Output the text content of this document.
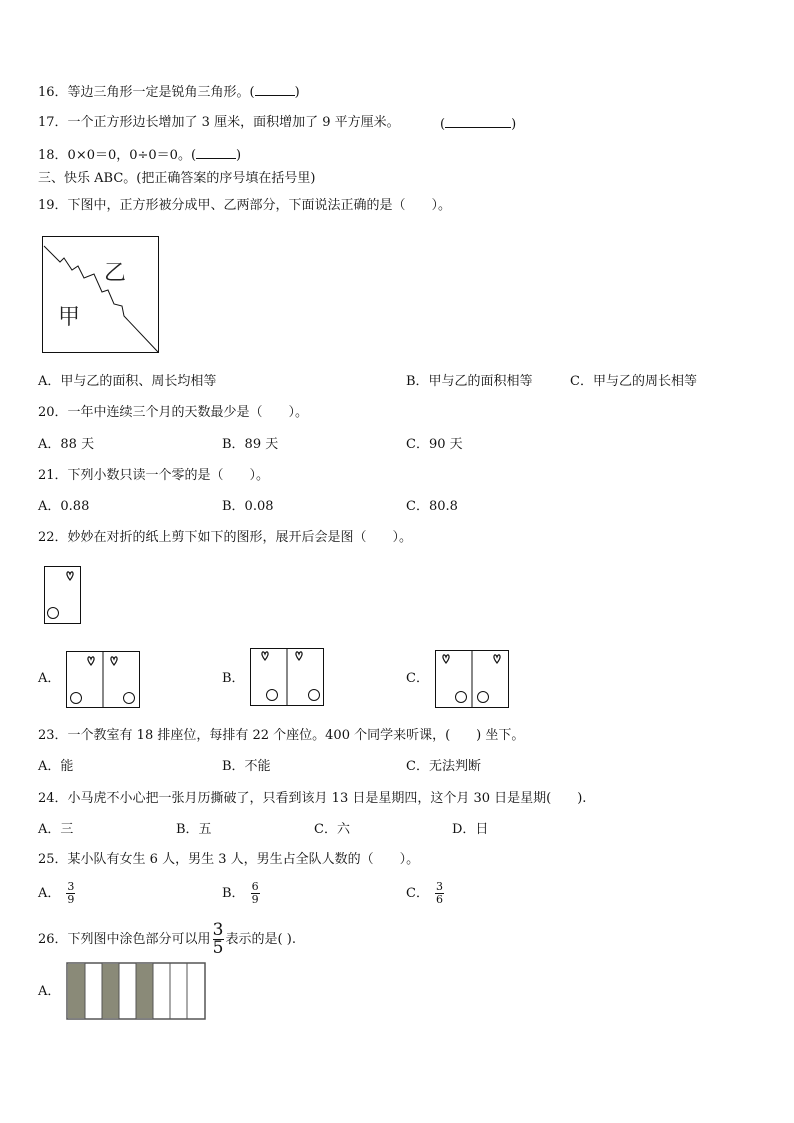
16．等边三角形一定是锐角三角形。(	)
17．一个正方形边长增加了 3 厘米，面积增加了 9 平方厘米。	(	)
18．0×0＝0，0÷0＝0。(	)
三、快乐 ABC。(把正确答案的序号填在括号里)
19．下图中，正方形被分成甲、乙两部分，下面说法正确的是（　　）。
乙
甲
A．甲与乙的面积、周长均相等	B．甲与乙的面积相等	C．甲与乙的周长相等
20．一年中连续三个月的天数最少是（　　）。
A．88 天	B．89 天	C．90 天
21．下列小数只读一个零的是（　　）。
A．0.88	B．0.08	C．80.8
22．妙妙在对折的纸上剪下如下的图形，展开后会是图（　　）。
A．	B．	C．
23．一个教室有 18 排座位，每排有 22 个座位。400 个同学来听课，(　　) 坐下。
A．能	B．不能	C．无法判断
24．小马虎不小心把一张月历撕破了，只看到该月 13 日是星期四，这个月 30 日是星期(　　).
A．三	B．五	C．六	D．日
25．某小队有女生 6 人，男生 3 人，男生占全队人数的（　　）。
A． $\frac{3}{9}$	B． $\frac{6}{9}$	C． $\frac{3}{6}$
26．下列图中涂色部分可以用 $\frac{3}{5}$ 表示的是( ).
A．
